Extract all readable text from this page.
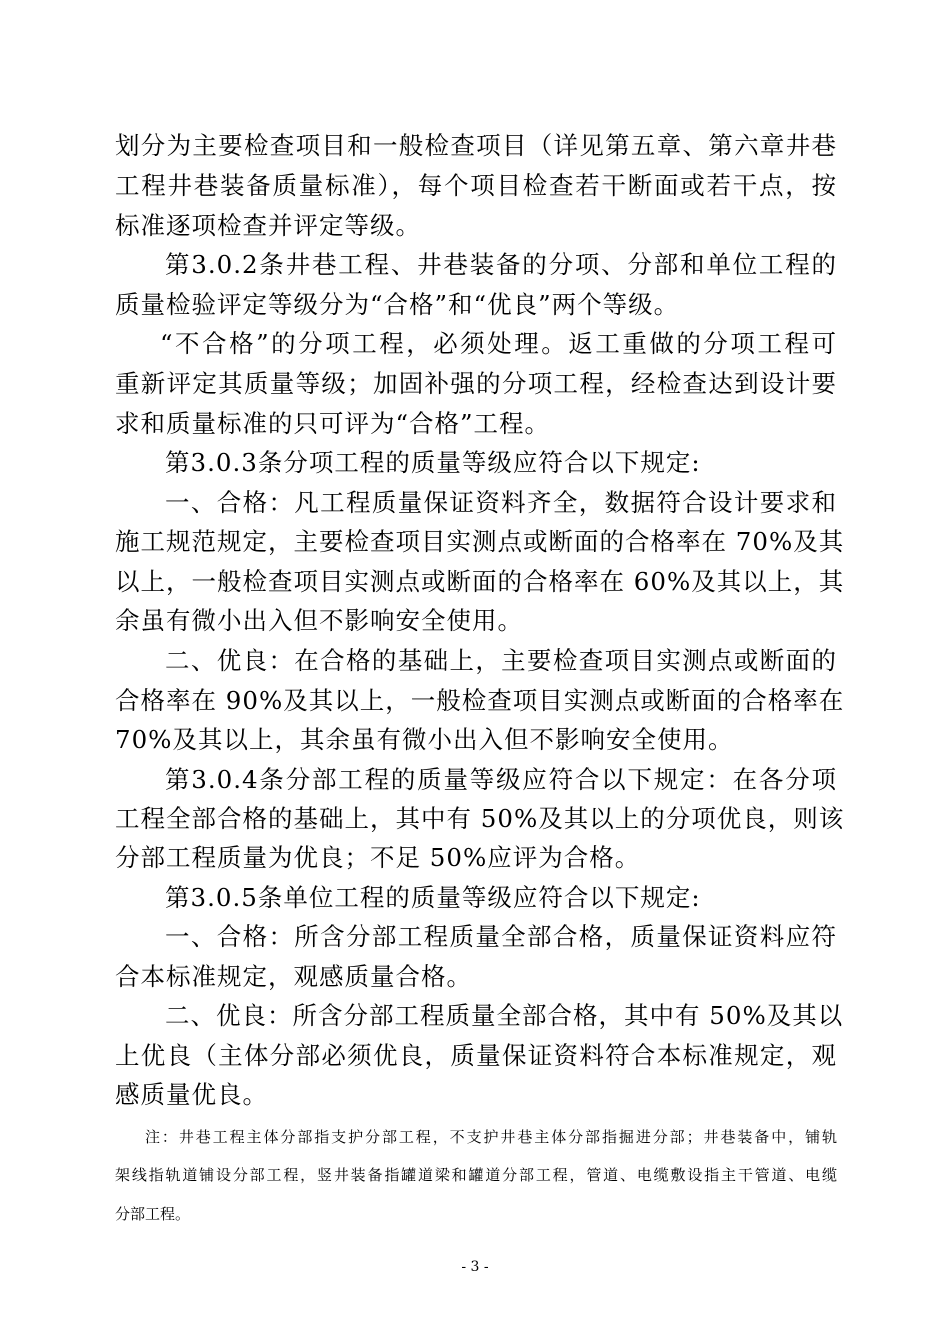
划分为主要检查项目和一般检查项目（详见第五章、第六章井巷
工程井巷装备质量标准），每个项目检查若干断面或若干点，按
标准逐项检查并评定等级。
第3.0.2条井巷工程、井巷装备的分项、分部和单位工程的
质量检验评定等级分为“合格”和“优良”两个等级。
“不合格”的分项工程，必须处理。返工重做的分项工程可
重新评定其质量等级；加固补强的分项工程，经检查达到设计要
求和质量标准的只可评为“合格”工程。
第3.0.3条分项工程的质量等级应符合以下规定:
一、合格：凡工程质量保证资料齐全，数据符合设计要求和
施工规范规定，主要检查项目实测点或断面的合格率在 70%及其
以上，一般检查项目实测点或断面的合格率在 60%及其以上，其
余虽有微小出入但不影响安全使用。
二、优良：在合格的基础上，主要检查项目实测点或断面的
合格率在 90%及其以上，一般检查项目实测点或断面的合格率在
70%及其以上，其余虽有微小出入但不影响安全使用。
第3.0.4条分部工程的质量等级应符合以下规定：在各分项
工程全部合格的基础上，其中有 50%及其以上的分项优良，则该
分部工程质量为优良；不足 50%应评为合格。
第3.0.5条单位工程的质量等级应符合以下规定:
一、合格：所含分部工程质量全部合格，质量保证资料应符
合本标准规定，观感质量合格。
二、优良：所含分部工程质量全部合格，其中有 50%及其以
上优良（主体分部必须优良，质量保证资料符合本标准规定，观
感质量优良。
注：井巷工程主体分部指支护分部工程，不支护井巷主体分部指掘进分部；井巷装备中，铺轨
架线指轨道铺设分部工程，竖井装备指罐道梁和罐道分部工程，管道、电缆敷设指主干管道、电缆
分部工程。
- 3 -
